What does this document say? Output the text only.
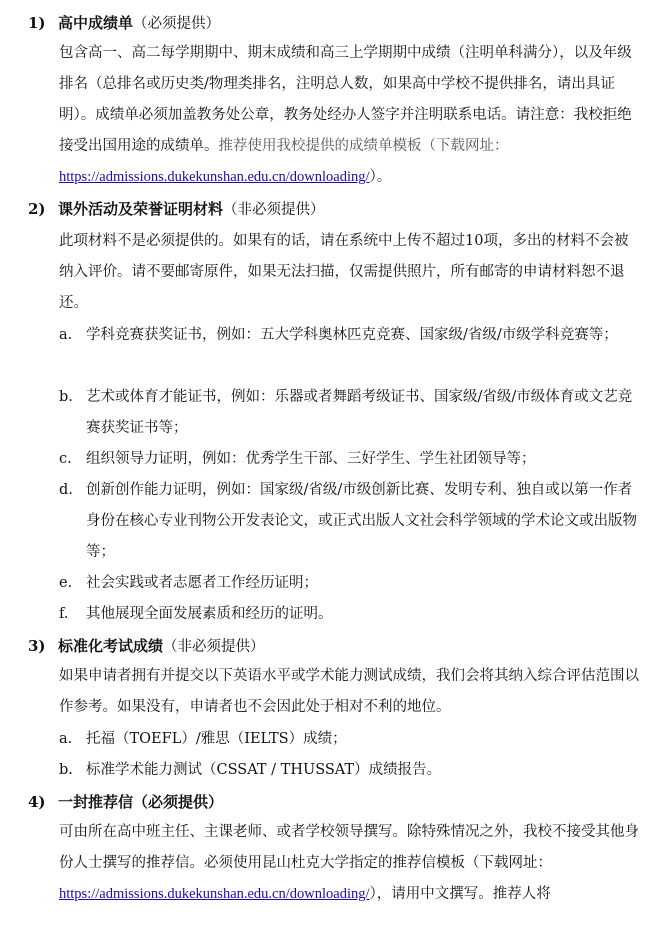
1) 高中成绩单（必须提供）
包含高一、高二每学期期中、期末成绩和高三上学期期中成绩（注明单科满分），以及年级排名（总排名或历史类/物理类排名，注明总人数，如果高中学校不提供排名，请出具证明）。成绩单必须加盖教务处公章，教务处经办人签字并注明联系电话。请注意：我校拒绝接受出国用途的成绩单。推荐使用我校提供的成绩单模板（下载网址：https://admissions.dukekunshan.edu.cn/downloading/）。
2) 课外活动及荣誉证明材料（非必须提供）
此项材料不是必须提供的。如果有的话，请在系统中上传不超过10项，多出的材料不会被纳入评价。请不要邮寄原件，如果无法扫描，仅需提供照片，所有邮寄的申请材料恕不退还。
a. 学科竞赛获奖证书，例如：五大学科奥林匹克竞赛、国家级/省级/市级学科竞赛等；
b. 艺术或体育才能证书，例如：乐器或者舞蹈考级证书、国家级/省级/市级体育或文艺竞赛获奖证书等；
c. 组织领导力证明，例如：优秀学生干部、三好学生、学生社团领导等；
d. 创新创作能力证明，例如：国家级/省级/市级创新比赛、发明专利、独自或以第一作者身份在核心专业刊物公开发表论文，或正式出版人文社会科学领域的学术论文或出版物等；
e. 社会实践或者志愿者工作经历证明；
f. 其他展现全面发展素质和经历的证明。
3) 标准化考试成绩（非必须提供）
如果申请者拥有并提交以下英语水平或学术能力测试成绩，我们会将其纳入综合评估范围以作参考。如果没有，申请者也不会因此处于相对不利的地位。
a. 托福（TOEFL）/雅思（IELTS）成绩；
b. 标准学术能力测试（CSSAT / THUSSAT）成绩报告。
4) 一封推荐信（必须提供）
可由所在高中班主任、主课老师、或者学校领导撰写。除特殊情况之外，我校不接受其他身份人士撰写的推荐信。必须使用昆山杜克大学指定的推荐信模板（下载网址：https://admissions.dukekunshan.edu.cn/downloading/），请用中文撰写。推荐人将
